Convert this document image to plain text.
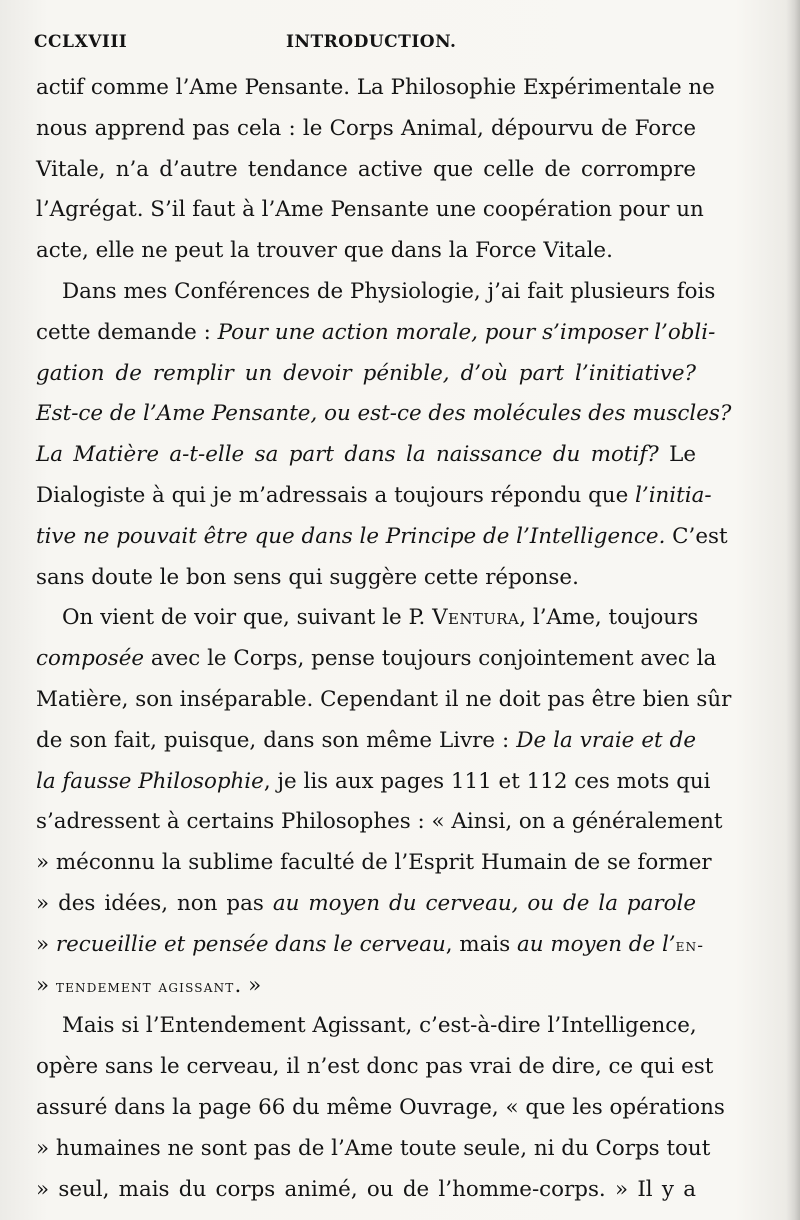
CCLXVIII	INTRODUCTION.
actif comme l’Ame Pensante. La Philosophie Expérimentale ne
nous apprend pas cela : le Corps Animal, dépourvu de Force
Vitale, n’a d’autre tendance active que celle de corrompre
l’Agrégat. S’il faut à l’Ame Pensante une coopération pour un
acte, elle ne peut la trouver que dans la Force Vitale.
Dans mes Conférences de Physiologie, j’ai fait plusieurs fois
cette demande : Pour une action morale, pour s’imposer l’obli-
gation de remplir un devoir pénible, d’où part l’initiative?
Est-ce de l’Ame Pensante, ou est-ce des molécules des muscles?
La Matière a-t-elle sa part dans la naissance du motif? Le
Dialogiste à qui je m’adressais a toujours répondu que l’initia-
tive ne pouvait être que dans le Principe de l’Intelligence. C’est
sans doute le bon sens qui suggère cette réponse.
On vient de voir que, suivant le P. Ventura, l’Ame, toujours
composée avec le Corps, pense toujours conjointement avec la
Matière, son inséparable. Cependant il ne doit pas être bien sûr
de son fait, puisque, dans son même Livre : De la vraie et de
la fausse Philosophie, je lis aux pages 111 et 112 ces mots qui
s’adressent à certains Philosophes : « Ainsi, on a généralement
» méconnu la sublime faculté de l’Esprit Humain de se former
» des idées, non pas au moyen du cerveau, ou de la parole
» recueillie et pensée dans le cerveau, mais au moyen de l’en-
» tendement agissant. »
Mais si l’Entendement Agissant, c’est-à-dire l’Intelligence,
opère sans le cerveau, il n’est donc pas vrai de dire, ce qui est
assuré dans la page 66 du même Ouvrage, « que les opérations
» humaines ne sont pas de l’Ame toute seule, ni du Corps tout
» seul, mais du corps animé, ou de l’homme-corps. » Il y a
